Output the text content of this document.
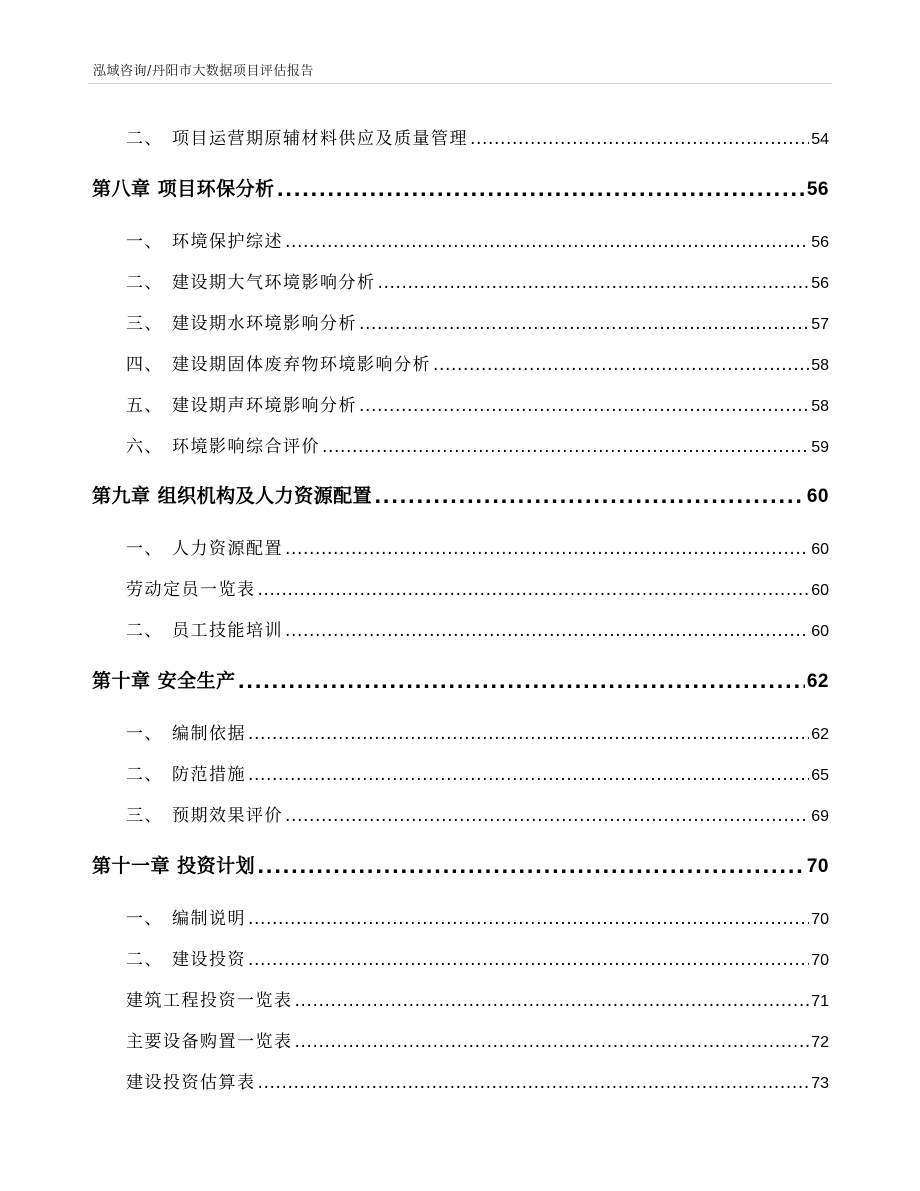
泓域咨询/丹阳市大数据项目评估报告
二、 项目运营期原辅材料供应及质量管理 .....	54
第八章 项目环保分析 .....	56
一、 环境保护综述 .....	56
二、 建设期大气环境影响分析 .....	56
三、 建设期水环境影响分析 .....	57
四、 建设期固体废弃物环境影响分析 .....	58
五、 建设期声环境影响分析 .....	58
六、 环境影响综合评价 .....	59
第九章 组织机构及人力资源配置 .....	60
一、 人力资源配置 .....	60
劳动定员一览表 .....	60
二、 员工技能培训 .....	60
第十章 安全生产 .....	62
一、 编制依据 .....	62
二、 防范措施 .....	65
三、 预期效果评价 .....	69
第十一章 投资计划 .....	70
一、 编制说明 .....	70
二、 建设投资 .....	70
建筑工程投资一览表 .....	71
主要设备购置一览表 .....	72
建设投资估算表 .....	73
